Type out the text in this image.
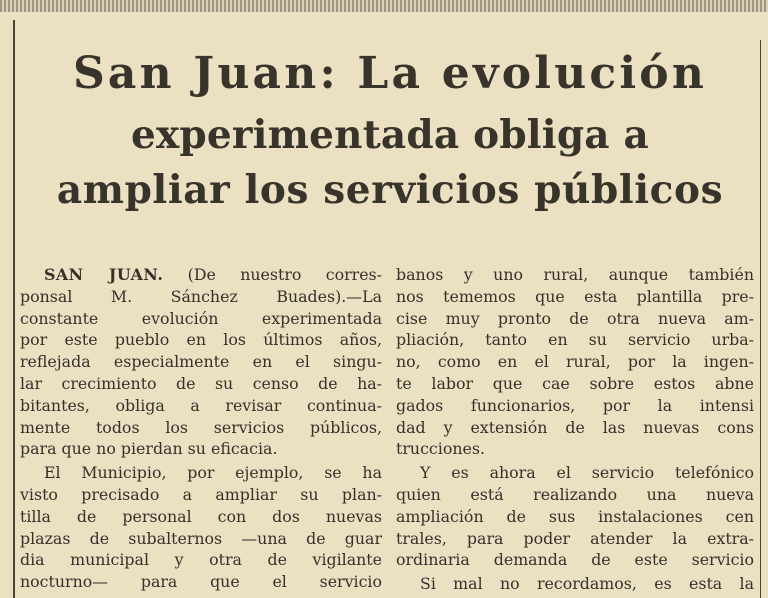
San Juan: La evolución
experimentada obliga a
ampliar los servicios públicos
SAN JUAN. (De nuestro corres-
ponsal M. Sánchez Buades).—La
constante evolución experimentada
por este pueblo en los últimos años,
reflejada especialmente en el singu-
lar crecimiento de su censo de ha-
bitantes, obliga a revisar continua-
mente todos los servicios públicos,
para que no pierdan su eficacia.
El Municipio, por ejemplo, se ha
visto precisado a ampliar su plan-
tilla de personal con dos nuevas
plazas de subalternos —una de guar
dia municipal y otra de vigilante
nocturno— para que el servicio
banos y uno rural, aunque también
nos tememos que esta plantilla pre-
cise muy pronto de otra nueva am-
pliación, tanto en su servicio urba-
no, como en el rural, por la ingen-
te labor que cae sobre estos abne
gados funcionarios, por la intensi
dad y extensión de las nuevas cons
trucciones.
Y es ahora el servicio telefónico
quien está realizando una nueva
ampliación de sus instalaciones cen
trales, para poder atender la extra-
ordinaria demanda de este servicio
Si mal no recordamos, es esta la
